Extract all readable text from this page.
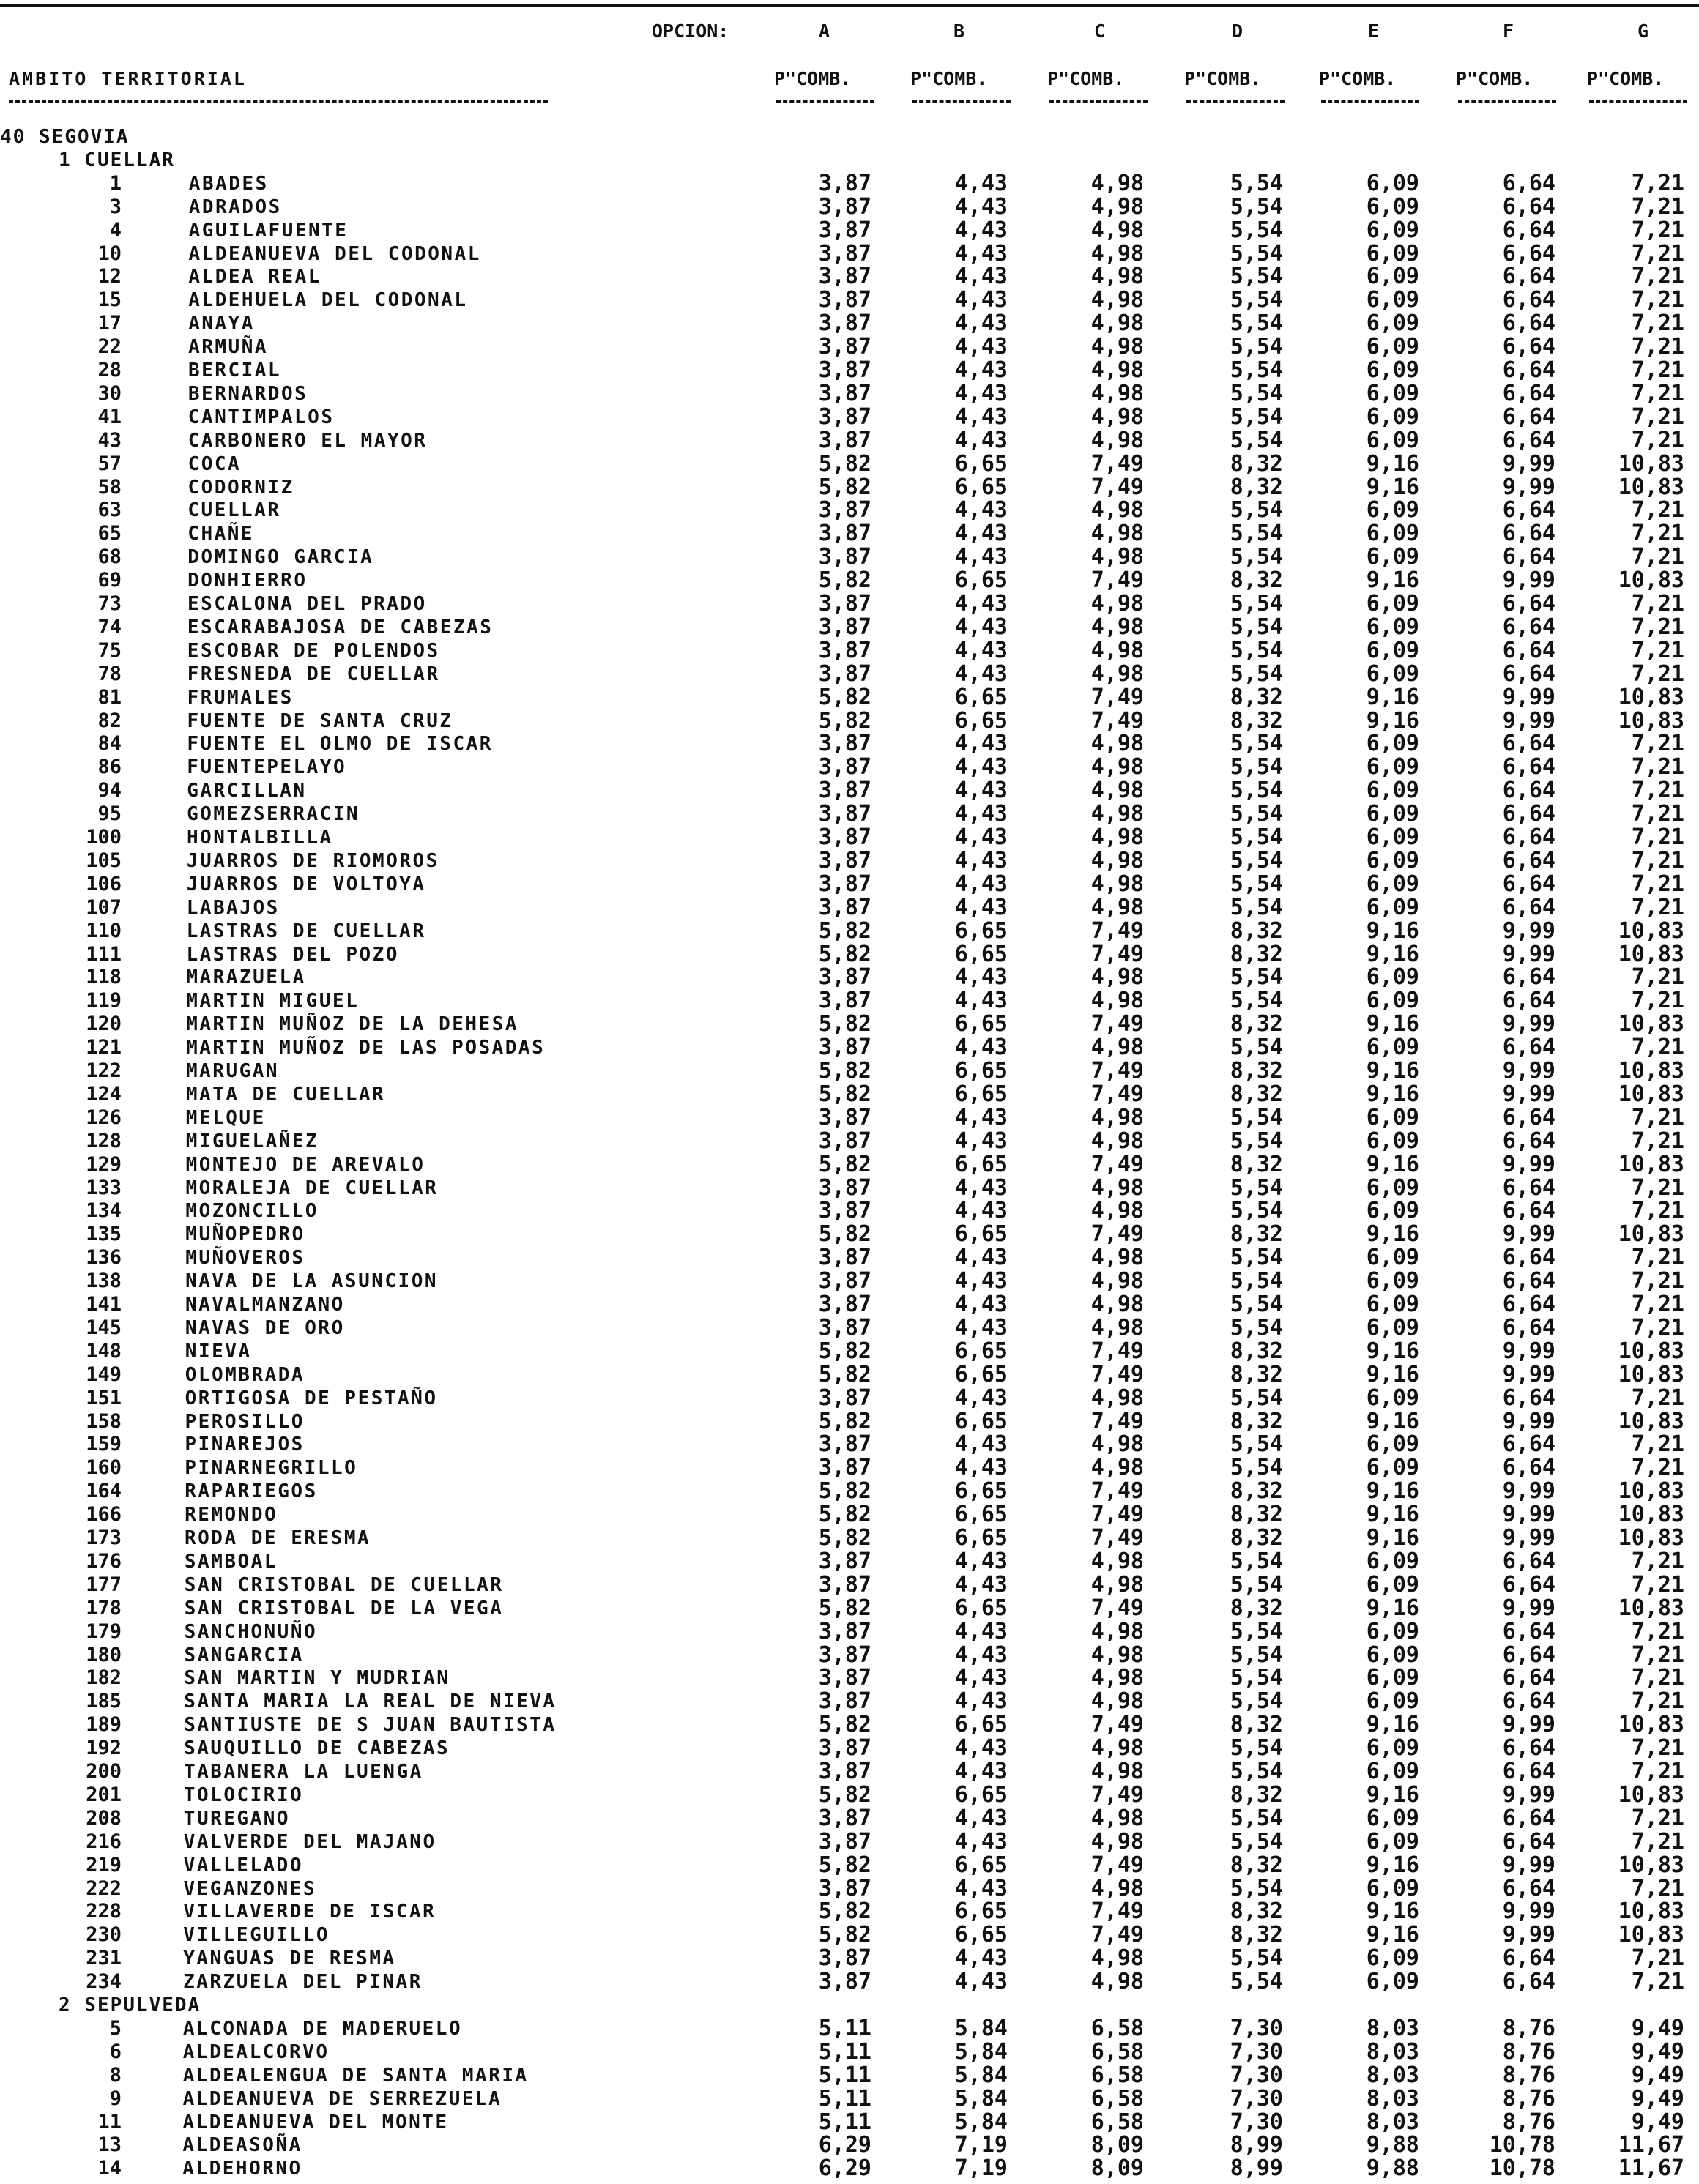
OPCION:	A	B	C	D	E	F	G
AMBITO TERRITORIAL	P"COMB.	P"COMB.	P"COMB.	P"COMB.	P"COMB.	P"COMB.	P"COMB.
40 SEGOVIA
1 CUELLAR
1	ABADES	3,87	4,43	4,98	5,54	6,09	6,64	7,21
3	ADRADOS	3,87	4,43	4,98	5,54	6,09	6,64	7,21
4	AGUILAFUENTE	3,87	4,43	4,98	5,54	6,09	6,64	7,21
10	ALDEANUEVA DEL CODONAL	3,87	4,43	4,98	5,54	6,09	6,64	7,21
12	ALDEA REAL	3,87	4,43	4,98	5,54	6,09	6,64	7,21
15	ALDEHUELA DEL CODONAL	3,87	4,43	4,98	5,54	6,09	6,64	7,21
17	ANAYA	3,87	4,43	4,98	5,54	6,09	6,64	7,21
22	ARMUÑA	3,87	4,43	4,98	5,54	6,09	6,64	7,21
28	BERCIAL	3,87	4,43	4,98	5,54	6,09	6,64	7,21
30	BERNARDOS	3,87	4,43	4,98	5,54	6,09	6,64	7,21
41	CANTIMPALOS	3,87	4,43	4,98	5,54	6,09	6,64	7,21
43	CARBONERO EL MAYOR	3,87	4,43	4,98	5,54	6,09	6,64	7,21
57	COCA	5,82	6,65	7,49	8,32	9,16	9,99	10,83
58	CODORNIZ	5,82	6,65	7,49	8,32	9,16	9,99	10,83
63	CUELLAR	3,87	4,43	4,98	5,54	6,09	6,64	7,21
65	CHAÑE	3,87	4,43	4,98	5,54	6,09	6,64	7,21
68	DOMINGO GARCIA	3,87	4,43	4,98	5,54	6,09	6,64	7,21
69	DONHIERRO	5,82	6,65	7,49	8,32	9,16	9,99	10,83
73	ESCALONA DEL PRADO	3,87	4,43	4,98	5,54	6,09	6,64	7,21
74	ESCARABAJOSA DE CABEZAS	3,87	4,43	4,98	5,54	6,09	6,64	7,21
75	ESCOBAR DE POLENDOS	3,87	4,43	4,98	5,54	6,09	6,64	7,21
78	FRESNEDA DE CUELLAR	3,87	4,43	4,98	5,54	6,09	6,64	7,21
81	FRUMALES	5,82	6,65	7,49	8,32	9,16	9,99	10,83
82	FUENTE DE SANTA CRUZ	5,82	6,65	7,49	8,32	9,16	9,99	10,83
84	FUENTE EL OLMO DE ISCAR	3,87	4,43	4,98	5,54	6,09	6,64	7,21
86	FUENTEPELAYO	3,87	4,43	4,98	5,54	6,09	6,64	7,21
94	GARCILLAN	3,87	4,43	4,98	5,54	6,09	6,64	7,21
95	GOMEZSERRACIN	3,87	4,43	4,98	5,54	6,09	6,64	7,21
100	HONTALBILLA	3,87	4,43	4,98	5,54	6,09	6,64	7,21
105	JUARROS DE RIOMOROS	3,87	4,43	4,98	5,54	6,09	6,64	7,21
106	JUARROS DE VOLTOYA	3,87	4,43	4,98	5,54	6,09	6,64	7,21
107	LABAJOS	3,87	4,43	4,98	5,54	6,09	6,64	7,21
110	LASTRAS DE CUELLAR	5,82	6,65	7,49	8,32	9,16	9,99	10,83
111	LASTRAS DEL POZO	5,82	6,65	7,49	8,32	9,16	9,99	10,83
118	MARAZUELA	3,87	4,43	4,98	5,54	6,09	6,64	7,21
119	MARTIN MIGUEL	3,87	4,43	4,98	5,54	6,09	6,64	7,21
120	MARTIN MUÑOZ DE LA DEHESA	5,82	6,65	7,49	8,32	9,16	9,99	10,83
121	MARTIN MUÑOZ DE LAS POSADAS	3,87	4,43	4,98	5,54	6,09	6,64	7,21
122	MARUGAN	5,82	6,65	7,49	8,32	9,16	9,99	10,83
124	MATA DE CUELLAR	5,82	6,65	7,49	8,32	9,16	9,99	10,83
126	MELQUE	3,87	4,43	4,98	5,54	6,09	6,64	7,21
128	MIGUELAÑEZ	3,87	4,43	4,98	5,54	6,09	6,64	7,21
129	MONTEJO DE AREVALO	5,82	6,65	7,49	8,32	9,16	9,99	10,83
133	MORALEJA DE CUELLAR	3,87	4,43	4,98	5,54	6,09	6,64	7,21
134	MOZONCILLO	3,87	4,43	4,98	5,54	6,09	6,64	7,21
135	MUÑOPEDRO	5,82	6,65	7,49	8,32	9,16	9,99	10,83
136	MUÑOVEROS	3,87	4,43	4,98	5,54	6,09	6,64	7,21
138	NAVA DE LA ASUNCION	3,87	4,43	4,98	5,54	6,09	6,64	7,21
141	NAVALMANZANO	3,87	4,43	4,98	5,54	6,09	6,64	7,21
145	NAVAS DE ORO	3,87	4,43	4,98	5,54	6,09	6,64	7,21
148	NIEVA	5,82	6,65	7,49	8,32	9,16	9,99	10,83
149	OLOMBRADA	5,82	6,65	7,49	8,32	9,16	9,99	10,83
151	ORTIGOSA DE PESTAÑO	3,87	4,43	4,98	5,54	6,09	6,64	7,21
158	PEROSILLO	5,82	6,65	7,49	8,32	9,16	9,99	10,83
159	PINAREJOS	3,87	4,43	4,98	5,54	6,09	6,64	7,21
160	PINARNEGRILLO	3,87	4,43	4,98	5,54	6,09	6,64	7,21
164	RAPARIEGOS	5,82	6,65	7,49	8,32	9,16	9,99	10,83
166	REMONDO	5,82	6,65	7,49	8,32	9,16	9,99	10,83
173	RODA DE ERESMA	5,82	6,65	7,49	8,32	9,16	9,99	10,83
176	SAMBOAL	3,87	4,43	4,98	5,54	6,09	6,64	7,21
177	SAN CRISTOBAL DE CUELLAR	3,87	4,43	4,98	5,54	6,09	6,64	7,21
178	SAN CRISTOBAL DE LA VEGA	5,82	6,65	7,49	8,32	9,16	9,99	10,83
179	SANCHONUÑO	3,87	4,43	4,98	5,54	6,09	6,64	7,21
180	SANGARCIA	3,87	4,43	4,98	5,54	6,09	6,64	7,21
182	SAN MARTIN Y MUDRIAN	3,87	4,43	4,98	5,54	6,09	6,64	7,21
185	SANTA MARIA LA REAL DE NIEVA	3,87	4,43	4,98	5,54	6,09	6,64	7,21
189	SANTIUSTE DE S JUAN BAUTISTA	5,82	6,65	7,49	8,32	9,16	9,99	10,83
192	SAUQUILLO DE CABEZAS	3,87	4,43	4,98	5,54	6,09	6,64	7,21
200	TABANERA LA LUENGA	3,87	4,43	4,98	5,54	6,09	6,64	7,21
201	TOLOCIRIO	5,82	6,65	7,49	8,32	9,16	9,99	10,83
208	TUREGANO	3,87	4,43	4,98	5,54	6,09	6,64	7,21
216	VALVERDE DEL MAJANO	3,87	4,43	4,98	5,54	6,09	6,64	7,21
219	VALLELADO	5,82	6,65	7,49	8,32	9,16	9,99	10,83
222	VEGANZONES	3,87	4,43	4,98	5,54	6,09	6,64	7,21
228	VILLAVERDE DE ISCAR	5,82	6,65	7,49	8,32	9,16	9,99	10,83
230	VILLEGUILLO	5,82	6,65	7,49	8,32	9,16	9,99	10,83
231	YANGUAS DE RESMA	3,87	4,43	4,98	5,54	6,09	6,64	7,21
234	ZARZUELA DEL PINAR	3,87	4,43	4,98	5,54	6,09	6,64	7,21
2 SEPULVEDA
5	ALCONADA DE MADERUELO	5,11	5,84	6,58	7,30	8,03	8,76	9,49
6	ALDEALCORVO	5,11	5,84	6,58	7,30	8,03	8,76	9,49
8	ALDEALENGUA DE SANTA MARIA	5,11	5,84	6,58	7,30	8,03	8,76	9,49
9	ALDEANUEVA DE SERREZUELA	5,11	5,84	6,58	7,30	8,03	8,76	9,49
11	ALDEANUEVA DEL MONTE	5,11	5,84	6,58	7,30	8,03	8,76	9,49
13	ALDEASOÑA	6,29	7,19	8,09	8,99	9,88	10,78	11,67
14	ALDEHORNO	6,29	7,19	8,09	8,99	9,88	10,78	11,67
